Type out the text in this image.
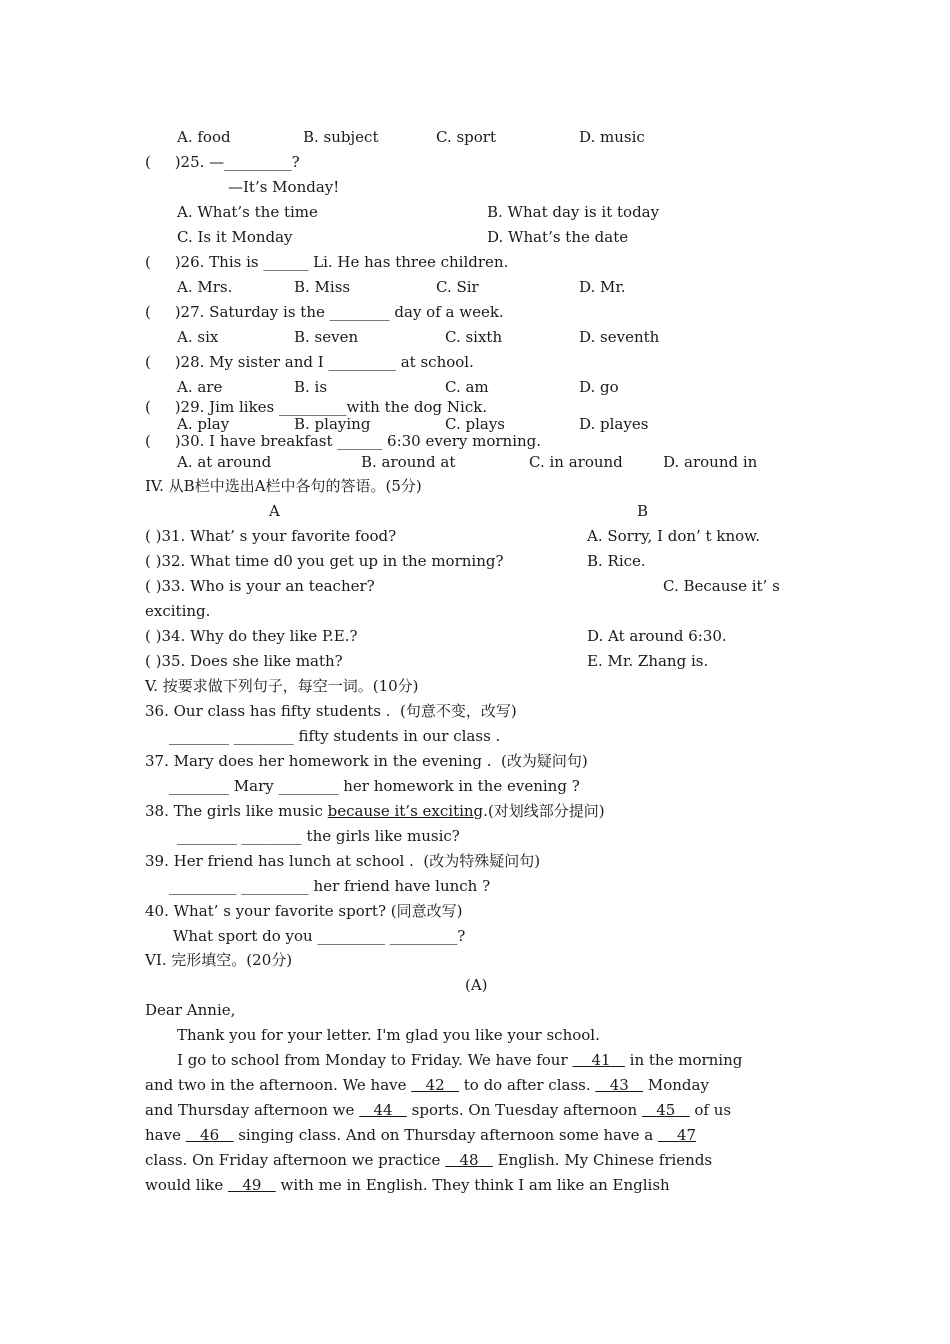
A. food	B. subject	C. sport	D. music
(     )25. —_________?
—It’s Monday!
A. What’s the time	B. What day is it today
C. Is it Monday	D. What’s the date
(     )26. This is ______ Li. He has three children.
A. Mrs.	B. Miss	C. Sir	D. Mr.
(     )27. Saturday is the ________ day of a week.
A. six	B. seven	C. sixth	D. seventh
(     )28. My sister and I _________ at school.
A. are	B. is	C. am	D. go
(     )29. Jim likes _________with the dog Nick.
A. play	B. playing	C. plays	D. playes
(     )30. I have breakfast ______ 6:30 every morning.
A. at around	B. around at	C. in around	D. around in
IV. 从B栏中选出A栏中各句的答语。(5分)
A	B
( )31. What’ s your favorite food?	A. Sorry, I don’ t know.
( )32. What time d0 you get up in the morning?	B. Rice.
( )33. Who is your an teacher?	C. Because it’ s
exciting.
( )34. Why do they like P.E.?	D. At around 6:30.
( )35. Does she like math?	E. Mr. Zhang is.
V. 按要求做下列句子，每空一词。(10分)
36. Our class has fifty students .  (句意不变，改写)
________ ________ fifty students in our class .
37. Mary does her homework in the evening .  (改为疑问句)
________ Mary ________ her homework in the evening ?
38. The girls like music because it’s exciting.(对划线部分提问)
________ ________ the girls like music?
39. Her friend has lunch at school .  (改为特殊疑问句)
_________ _________ her friend have lunch ?
40. What’ s your favorite sport? (同意改写)
What sport do you _________ _________?
VI. 完形填空。(20分)
(A)
Dear Annie,
Thank you for your letter. I'm glad you like your school.
I go to school from Monday to Friday. We have four     41    in the morning
and two in the afternoon. We have    42    to do after class.    43    Monday
and Thursday afternoon we    44    sports. On Tuesday afternoon    45    of us
have    46    singing class. And on Thursday afternoon some have a     47
class. On Friday afternoon we practice    48    English. My Chinese friends
would like    49    with me in English. They think I am like an English
